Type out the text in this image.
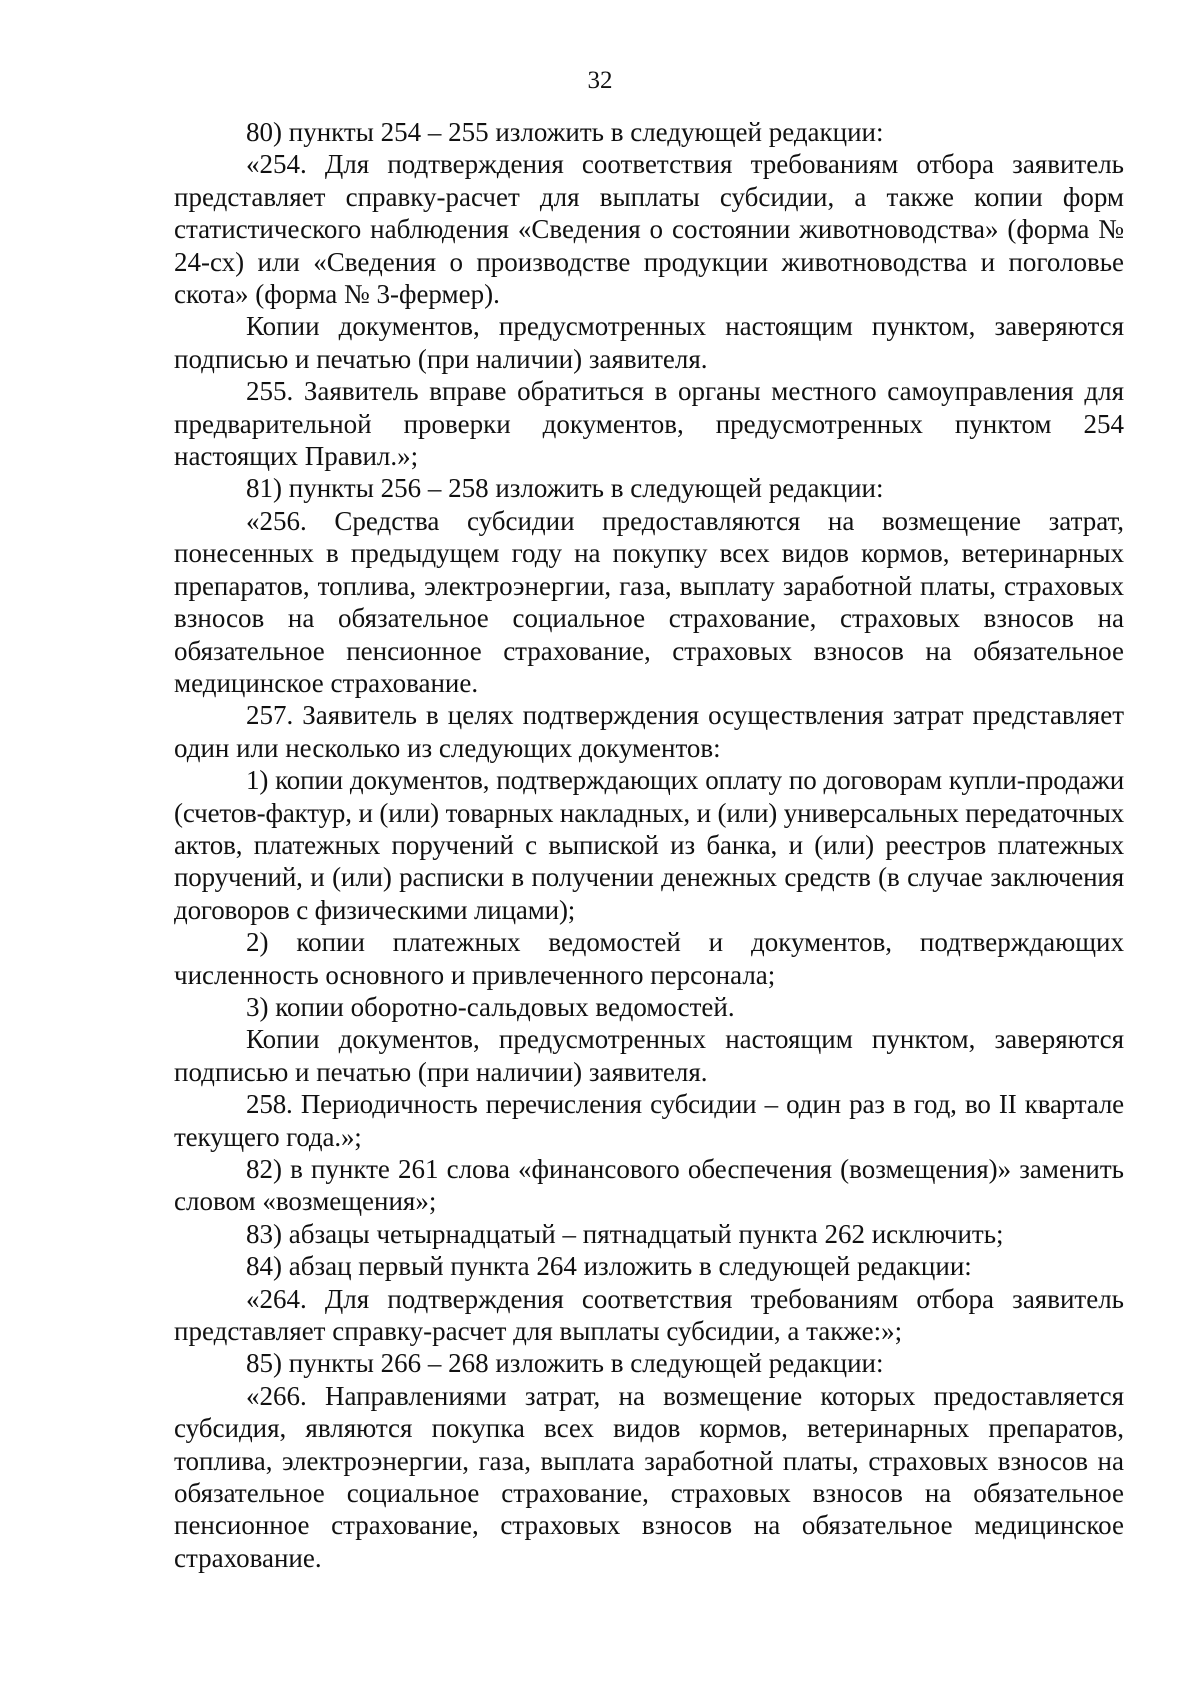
32

80) пункты 254 – 255 изложить в следующей редакции:

«254. Для подтверждения соответствия требованиям отбора заявитель представляет справку-расчет для выплаты субсидии, а также копии форм статистического наблюдения «Сведения о состоянии животноводства» (форма № 24-сх) или «Сведения о производстве продукции животноводства и поголовье скота» (форма № 3-фермер).

Копии документов, предусмотренных настоящим пунктом, заверяются подписью и печатью (при наличии) заявителя.

255. Заявитель вправе обратиться в органы местного самоуправления для предварительной проверки документов, предусмотренных пунктом 254 настоящих Правил.»;

81) пункты 256 – 258 изложить в следующей редакции:

«256. Средства субсидии предоставляются на возмещение затрат, понесенных в предыдущем году на покупку всех видов кормов, ветеринарных препаратов, топлива, электроэнергии, газа, выплату заработной платы, страховых взносов на обязательное социальное страхование, страховых взносов на обязательное пенсионное страхование, страховых взносов на обязательное медицинское страхование.

257. Заявитель в целях подтверждения осуществления затрат представляет один или несколько из следующих документов:

1) копии документов, подтверждающих оплату по договорам купли-продажи (счетов-фактур, и (или) товарных накладных, и (или) универсальных передаточных актов, платежных поручений с выпиской из банка, и (или) реестров платежных поручений, и (или) расписки в получении денежных средств (в случае заключения договоров с физическими лицами);

2) копии платежных ведомостей и документов, подтверждающих численность основного и привлеченного персонала;

3) копии оборотно-сальдовых ведомостей.

Копии документов, предусмотренных настоящим пунктом, заверяются подписью и печатью (при наличии) заявителя.

258. Периодичность перечисления субсидии – один раз в год, во II квартале текущего года.»;

82) в пункте 261 слова «финансового обеспечения (возмещения)» заменить словом «возмещения»;

83) абзацы четырнадцатый – пятнадцатый пункта 262 исключить;

84) абзац первый пункта 264 изложить в следующей редакции:

«264. Для подтверждения соответствия требованиям отбора заявитель представляет справку-расчет для выплаты субсидии, а также:»;

85) пункты 266 – 268 изложить в следующей редакции:

«266. Направлениями затрат, на возмещение которых предоставляется субсидия, являются покупка всех видов кормов, ветеринарных препаратов, топлива, электроэнергии, газа, выплата заработной платы, страховых взносов на обязательное социальное страхование, страховых взносов на обязательное пенсионное страхование, страховых взносов на обязательное медицинское страхование.
